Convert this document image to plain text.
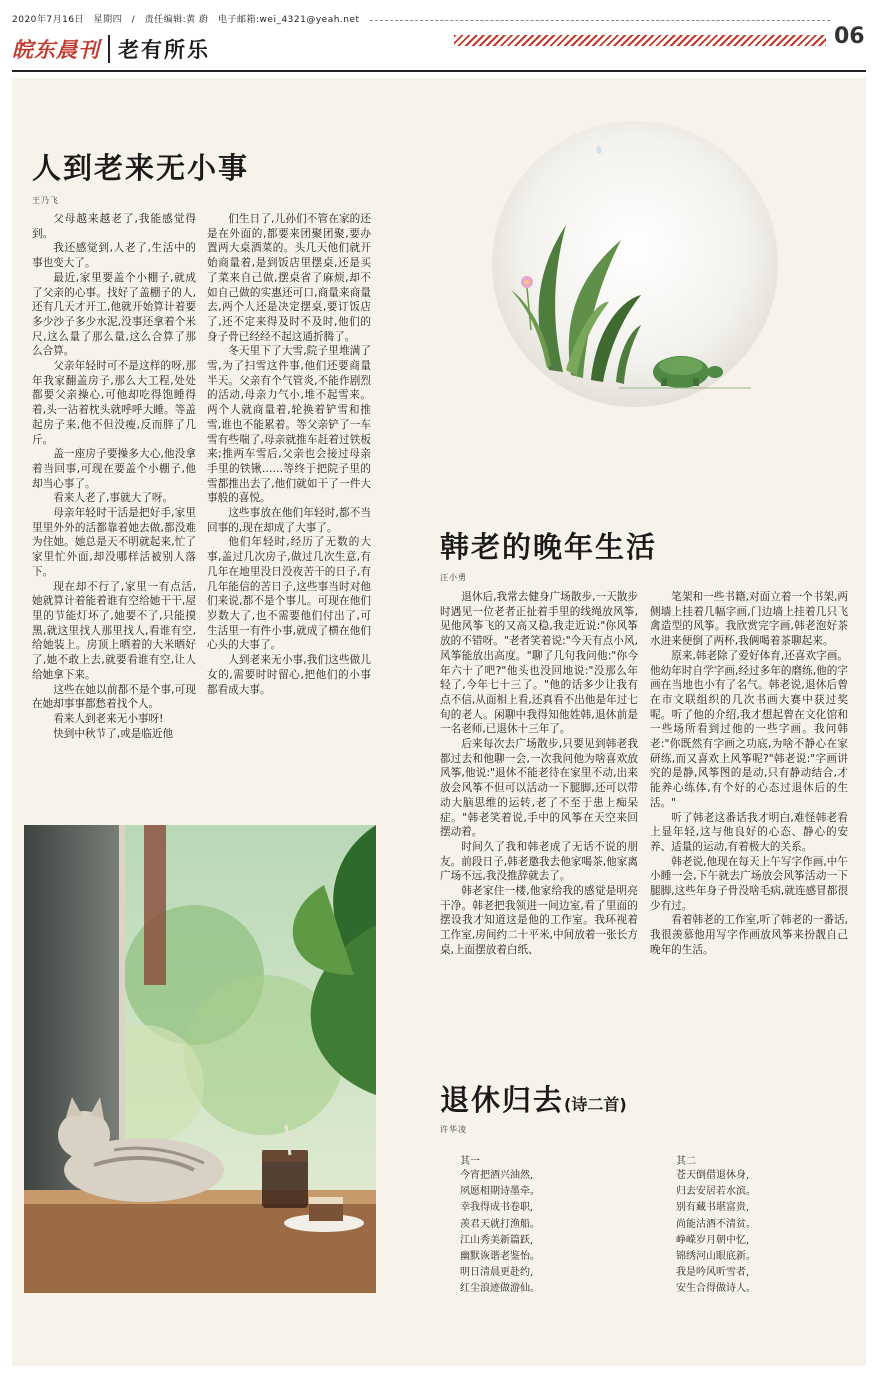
2020年7月16日　星期四　/　责任编辑:黄 蔚　电子邮箱:wei_4321@yeah.net
皖东晨刊 老有所乐
06
人到老来无小事
王乃飞

父母越来越老了,我能感觉得到。

我还感觉到,人老了,生活中的事也变大了。

最近,家里要盖个小棚子,就成了父亲的心事。找好了盖棚子的人,还有几天才开工,他就开始算计着要多少沙子多少水泥,没事还拿着个米尺,这么量了那么量,这么合算了那么合算。

父亲年轻时可不是这样的呀,那年我家翻盖房子,那么大工程,处处都要父亲操心,可他却吃得饱睡得着,头一沾着枕头就呼呼大睡。等盖起房子来,他不但没瘦,反而胖了几斤。

盖一座房子要操多大心,他没拿着当回事,可现在要盖个小棚子,他却当心事了。

看来人老了,事就大了呀。

母亲年轻时干活是把好手,家里里里外外的活都靠着她去做,都没难为住她。她总是天不明就起来,忙了家里忙外面,却没哪样活被别人落下。

现在却不行了,家里一有点活,她就算计着能着谁有空给她干干,屋里的节能灯坏了,她要不了,只能摸黑,就这里找人那里找人,看谁有空,给她装上。房顶上晒着的大米晒好了,她不敢上去,就要看谁有空,让人给她拿下来。

这些在她以前都不是个事,可现在她却事事都愁着找个人。

看来人到老来无小事呀!

快到中秋节了,或是临近他

们生日了,儿孙们不管在家的还是在外面的,都要来团聚团聚,要办置两大桌酒菜的。头几天他们就开始商量着,是到饭店里摆桌,还是买了菜来自己做,摆桌省了麻烦,却不如自己做的实惠还可口,商量来商量去,两个人还是决定摆桌,要订饭店了,还不定来得及时不及时,他们的身子骨已经经不起这通折腾了。

冬天里下了大雪,院子里堆满了雪,为了扫雪这件事,他们还要商量半天。父亲有个气管炎,不能作剧烈的活动,母亲力气小,堆不起雪来。两个人就商量着,轮换着铲雪和推雪,谁也不能累着。等父亲铲了一车雪有些喘了,母亲就推车赶着过铁板来;推两车雪后,父亲也会接过母亲手里的铁锹……等终于把院子里的雪都推出去了,他们就如干了一件大事般的喜悦。

这些事放在他们年轻时,都不当回事的,现在却成了大事了。

他们年轻时,经历了无数的大事,盖过几次房子,做过几次生意,有几年在地里没日没夜苦干的日子,有几年能信的苦日子,这些事当时对他们来说,都不是个事儿。可现在他们岁数大了,也不需要他们付出了,可生活里一有件小事,就成了横在他们心头的大事了。

人到老来无小事,我们这些做儿女的,需要时时留心,把他们的小事都看成大事。

韩老的晚年生活
汪小勇

退休后,我常去健身广场散步,一天散步时遇见一位老者正扯着手里的线绳放风筝,见他风筝飞的又高又稳,我走近说:"你风筝放的不错呀。"老者笑着说:"今天有点小风,风筝能放出高度。"聊了几句我问他:"你今年六十了吧?"他头也没回地说:"没那么年轻了,今年七十三了。"他的话多少让我有点不信,从面相上看,还真看不出他是年过七旬的老人。闲聊中我得知他姓韩,退休前是一名老师,已退休十三年了。

后来每次去广场散步,只要见到韩老我都过去和他聊一会,一次我问他为啥喜欢放风筝,他说:"退休不能老待在家里不动,出来放会风筝不但可以活动一下腿脚,还可以带动大脑思维的运转,老了不至于患上痴呆症。"韩老笑着说,手中的风筝在天空来回摆动着。

时间久了我和韩老成了无话不说的朋友。前段日子,韩老邀我去他家喝茶,他家离广场不远,我没推辞就去了。

韩老家住一楼,他家给我的感觉是明亮干净。韩老把我领进一间边室,看了里面的摆设我才知道这是他的工作室。我环视着工作室,房间约二十平米,中间放着一张长方桌,上面摆放着白纸、

笔架和一些书籍,对面立着一个书架,两侧墙上挂着几幅字画,门边墙上挂着几只飞禽造型的风筝。我欣赏完字画,韩老泡好茶水进来便倒了两杯,我俩喝着茶聊起来。

原来,韩老除了爱好体育,还喜欢字画。他幼年时自学字画,经过多年的磨练,他的字画在当地也小有了名气。韩老说,退休后曾在市文联组织的几次书画大赛中获过奖呢。听了他的介绍,我才想起曾在文化馆和一些场所看到过他的一些字画。我问韩老:"你既然有字画之功底,为啥不静心在家研练,而又喜欢上风筝呢?"韩老说:"字画讲究的是静,风筝图的是动,只有静动结合,才能养心练体,有个好的心态过退休后的生活。"

听了韩老这番话我才明白,难怪韩老看上显年轻,这与他良好的心态、静心的安养、适量的运动,有着极大的关系。

韩老说,他现在每天上午写字作画,中午小睡一会,下午就去广场放会风筝活动一下腿脚,这些年身子骨没啥毛病,就连感冒都很少有过。

看着韩老的工作室,听了韩老的一番话,我很羡慕他用写字作画放风筝来扮靓自己晚年的生活。

退休归去(诗二首)
许华凌
其一
今宵把酒兴油然,
夙愿相期诗墨牵。
幸我得成书卷职,
羡君天就打渔船。
江山秀美新篇跃,
幽默诙谐老鉴怡。
明日清晨更赴约,
红尘浪迹做游仙。
其二
苍天倒借退休身,
归去安居若水滨。
别有藏书堪富贵,
尚能沽酒不清贫。
峥嵘岁月朝中忆,
锦绣河山眼底新。
我是吟风听雪者,
安生合得做诗人。
